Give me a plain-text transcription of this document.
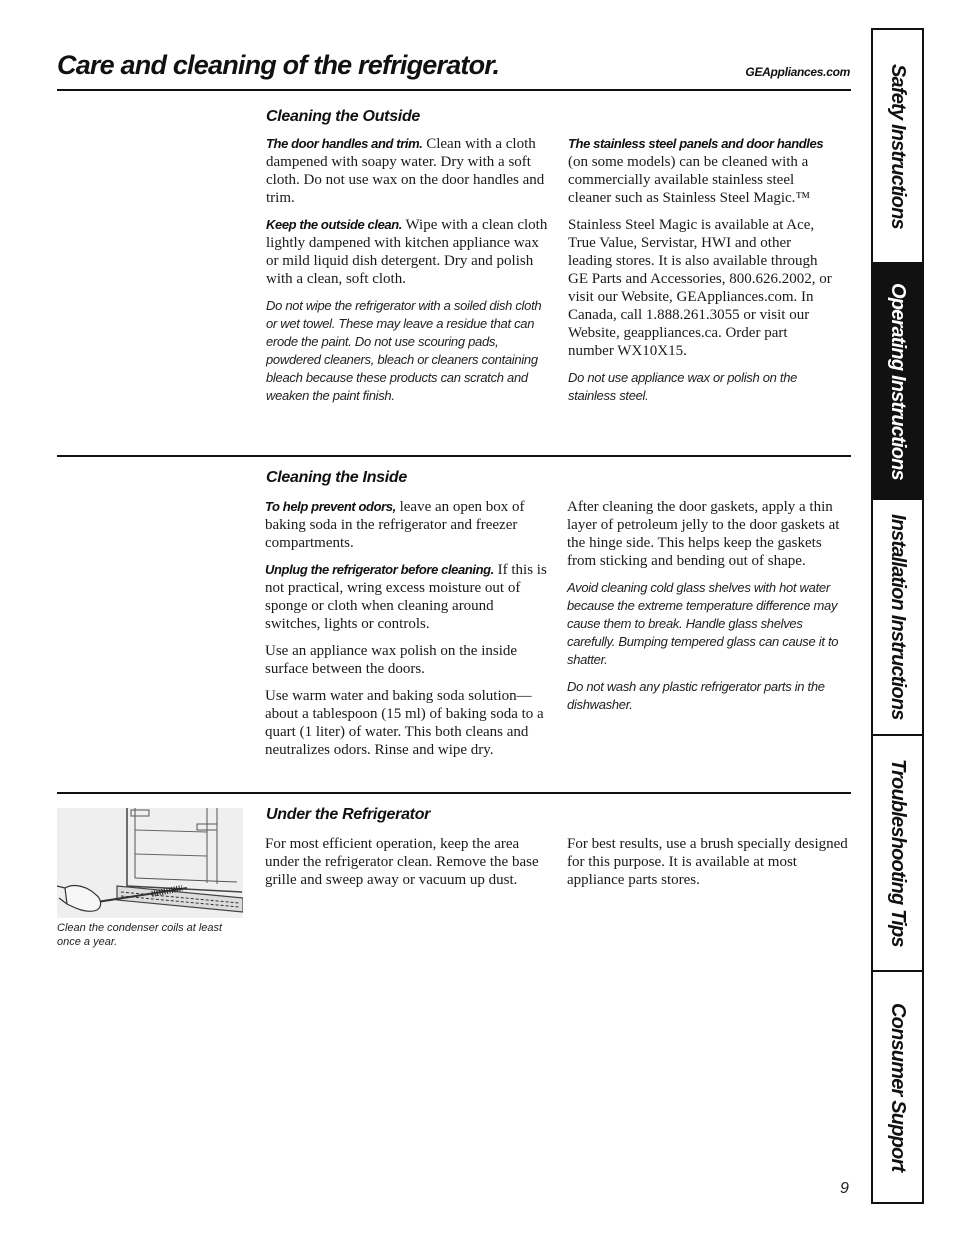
Care and cleaning of the refrigerator.	GEAppliances.com
Cleaning the Outside

The door handles and trim. Clean with a cloth dampened with soapy water. Dry with a soft cloth. Do not use wax on the door handles and trim.

Keep the outside clean. Wipe with a clean cloth lightly dampened with kitchen appliance wax or mild liquid dish detergent. Dry and polish with a clean, soft cloth.

Do not wipe the refrigerator with a soiled dish cloth or wet towel. These may leave a residue that can erode the paint. Do not use scouring pads, powdered cleaners, bleach or cleaners containing bleach because these products can scratch and weaken the paint finish.

The stainless steel panels and door handles (on some models) can be cleaned with a commercially available stainless steel cleaner such as Stainless Steel Magic.™

Stainless Steel Magic is available at Ace, True Value, Servistar, HWI and other leading stores. It is also available through GE Parts and Accessories, 800.626.2002, or visit our Website, GEAppliances.com. In Canada, call 1.888.261.3055 or visit our Website, geappliances.ca. Order part number WX10X15.

Do not use appliance wax or polish on the stainless steel.

Cleaning the Inside

To help prevent odors, leave an open box of baking soda in the refrigerator and freezer compartments.

Unplug the refrigerator before cleaning. If this is not practical, wring excess moisture out of sponge or cloth when cleaning around switches, lights or controls.

Use an appliance wax polish on the inside surface between the doors.

Use warm water and baking soda solution—about a tablespoon (15 ml) of baking soda to a quart (1 liter) of water. This both cleans and neutralizes odors. Rinse and wipe dry.

After cleaning the door gaskets, apply a thin layer of petroleum jelly to the door gaskets at the hinge side. This helps keep the gaskets from sticking and bending out of shape.

Avoid cleaning cold glass shelves with hot water because the extreme temperature difference may cause them to break. Handle glass shelves carefully. Bumping tempered glass can cause it to shatter.

Do not wash any plastic refrigerator parts in the dishwasher.

Clean the condenser coils at least once a year.
Under the Refrigerator

For most efficient operation, keep the area under the refrigerator clean. Remove the base grille and sweep away or vacuum up dust.

For best results, use a brush specially designed for this purpose. It is available at most appliance parts stores.

9
Safety Instructions
Operating Instructions
Installation Instructions
Troubleshooting Tips
Consumer Support
